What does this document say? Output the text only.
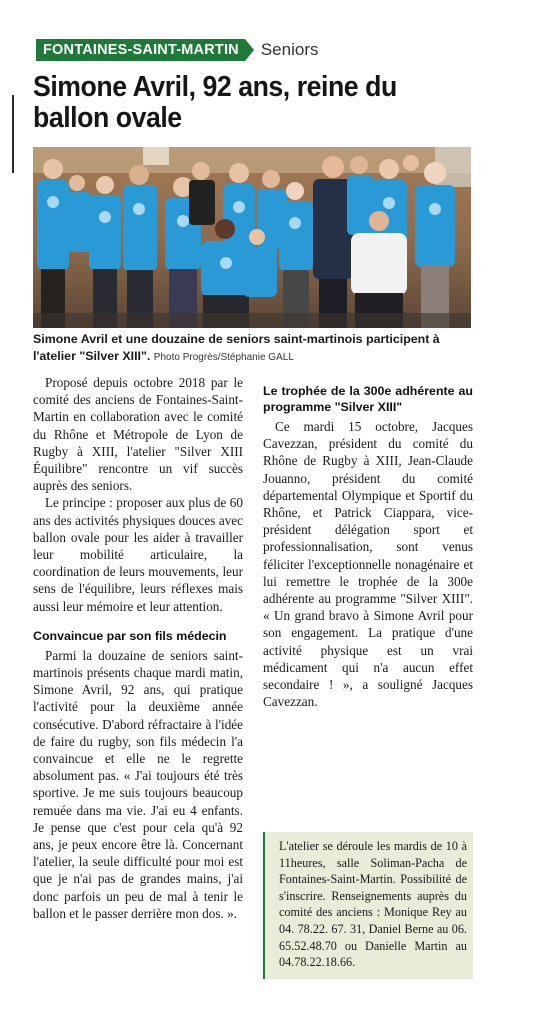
FONTAINES-SAINT-MARTIN	Seniors
Simone Avril, 92 ans, reine du ballon ovale
Simone Avril et une douzaine de seniors saint-martinois participent à l'atelier "Silver XIII". Photo Progrès/Stéphanie GALL

Proposé depuis octobre 2018 par le comité des anciens de Fontaines-Saint-Martin en collaboration avec le comité du Rhône et Métropole de Lyon de Rugby à XIII, l'atelier "Silver XIII Équilibre" rencontre un vif succès auprès des seniors.

Le principe : proposer aux plus de 60 ans des activités physiques douces avec ballon ovale pour les aider à travailler leur mobilité articulaire, la coordination de leurs mouvements, leur sens de l'équilibre, leurs réflexes mais aussi leur mémoire et leur attention.

Convaincue par son fils médecin

Parmi la douzaine de seniors saint-martinois présents chaque mardi matin, Simone Avril, 92 ans, qui pratique l'activité pour la deuxième année consécutive. D'abord réfractaire à l'idée de faire du rugby, son fils médecin l'a convaincue et elle ne le regrette absolument pas. « J'ai toujours été très sportive. Je me suis toujours beaucoup remuée dans ma vie. J'ai eu 4 enfants. Je pense que c'est pour cela qu'à 92 ans, je peux encore être là. Concernant l'atelier, la seule difficulté pour moi est que je n'ai pas de grandes mains, j'ai donc parfois un peu de mal à tenir le ballon et le passer derrière mon dos. ».

Le trophée de la 300e adhérente au programme "Silver XIII"

Ce mardi 15 octobre, Jacques Cavezzan, président du comité du Rhône de Rugby à XIII, Jean-Claude Jouanno, président du comité départemental Olympique et Sportif du Rhône, et Patrick Ciappara, vice-président délégation sport et professionnalisation, sont venus féliciter l'exceptionnelle nonagénaire et lui remettre le trophée de la 300e adhérente au programme "Silver XIII". « Un grand bravo à Simone Avril pour son engagement. La pratique d'une activité physique est un vrai médicament qui n'a aucun effet secondaire ! », a souligné Jacques Cavezzan.

L'atelier se déroule les mardis de 10 à 11heures, salle Soliman-Pacha de Fontaines-Saint-Martin. Possibilité de s'inscrire. Renseignements auprès du comité des anciens : Monique Rey au 04. 78.22. 67. 31, Daniel Berne au 06. 65.52.48.70 ou Danielle Martin au 04.78.22.18.66.
